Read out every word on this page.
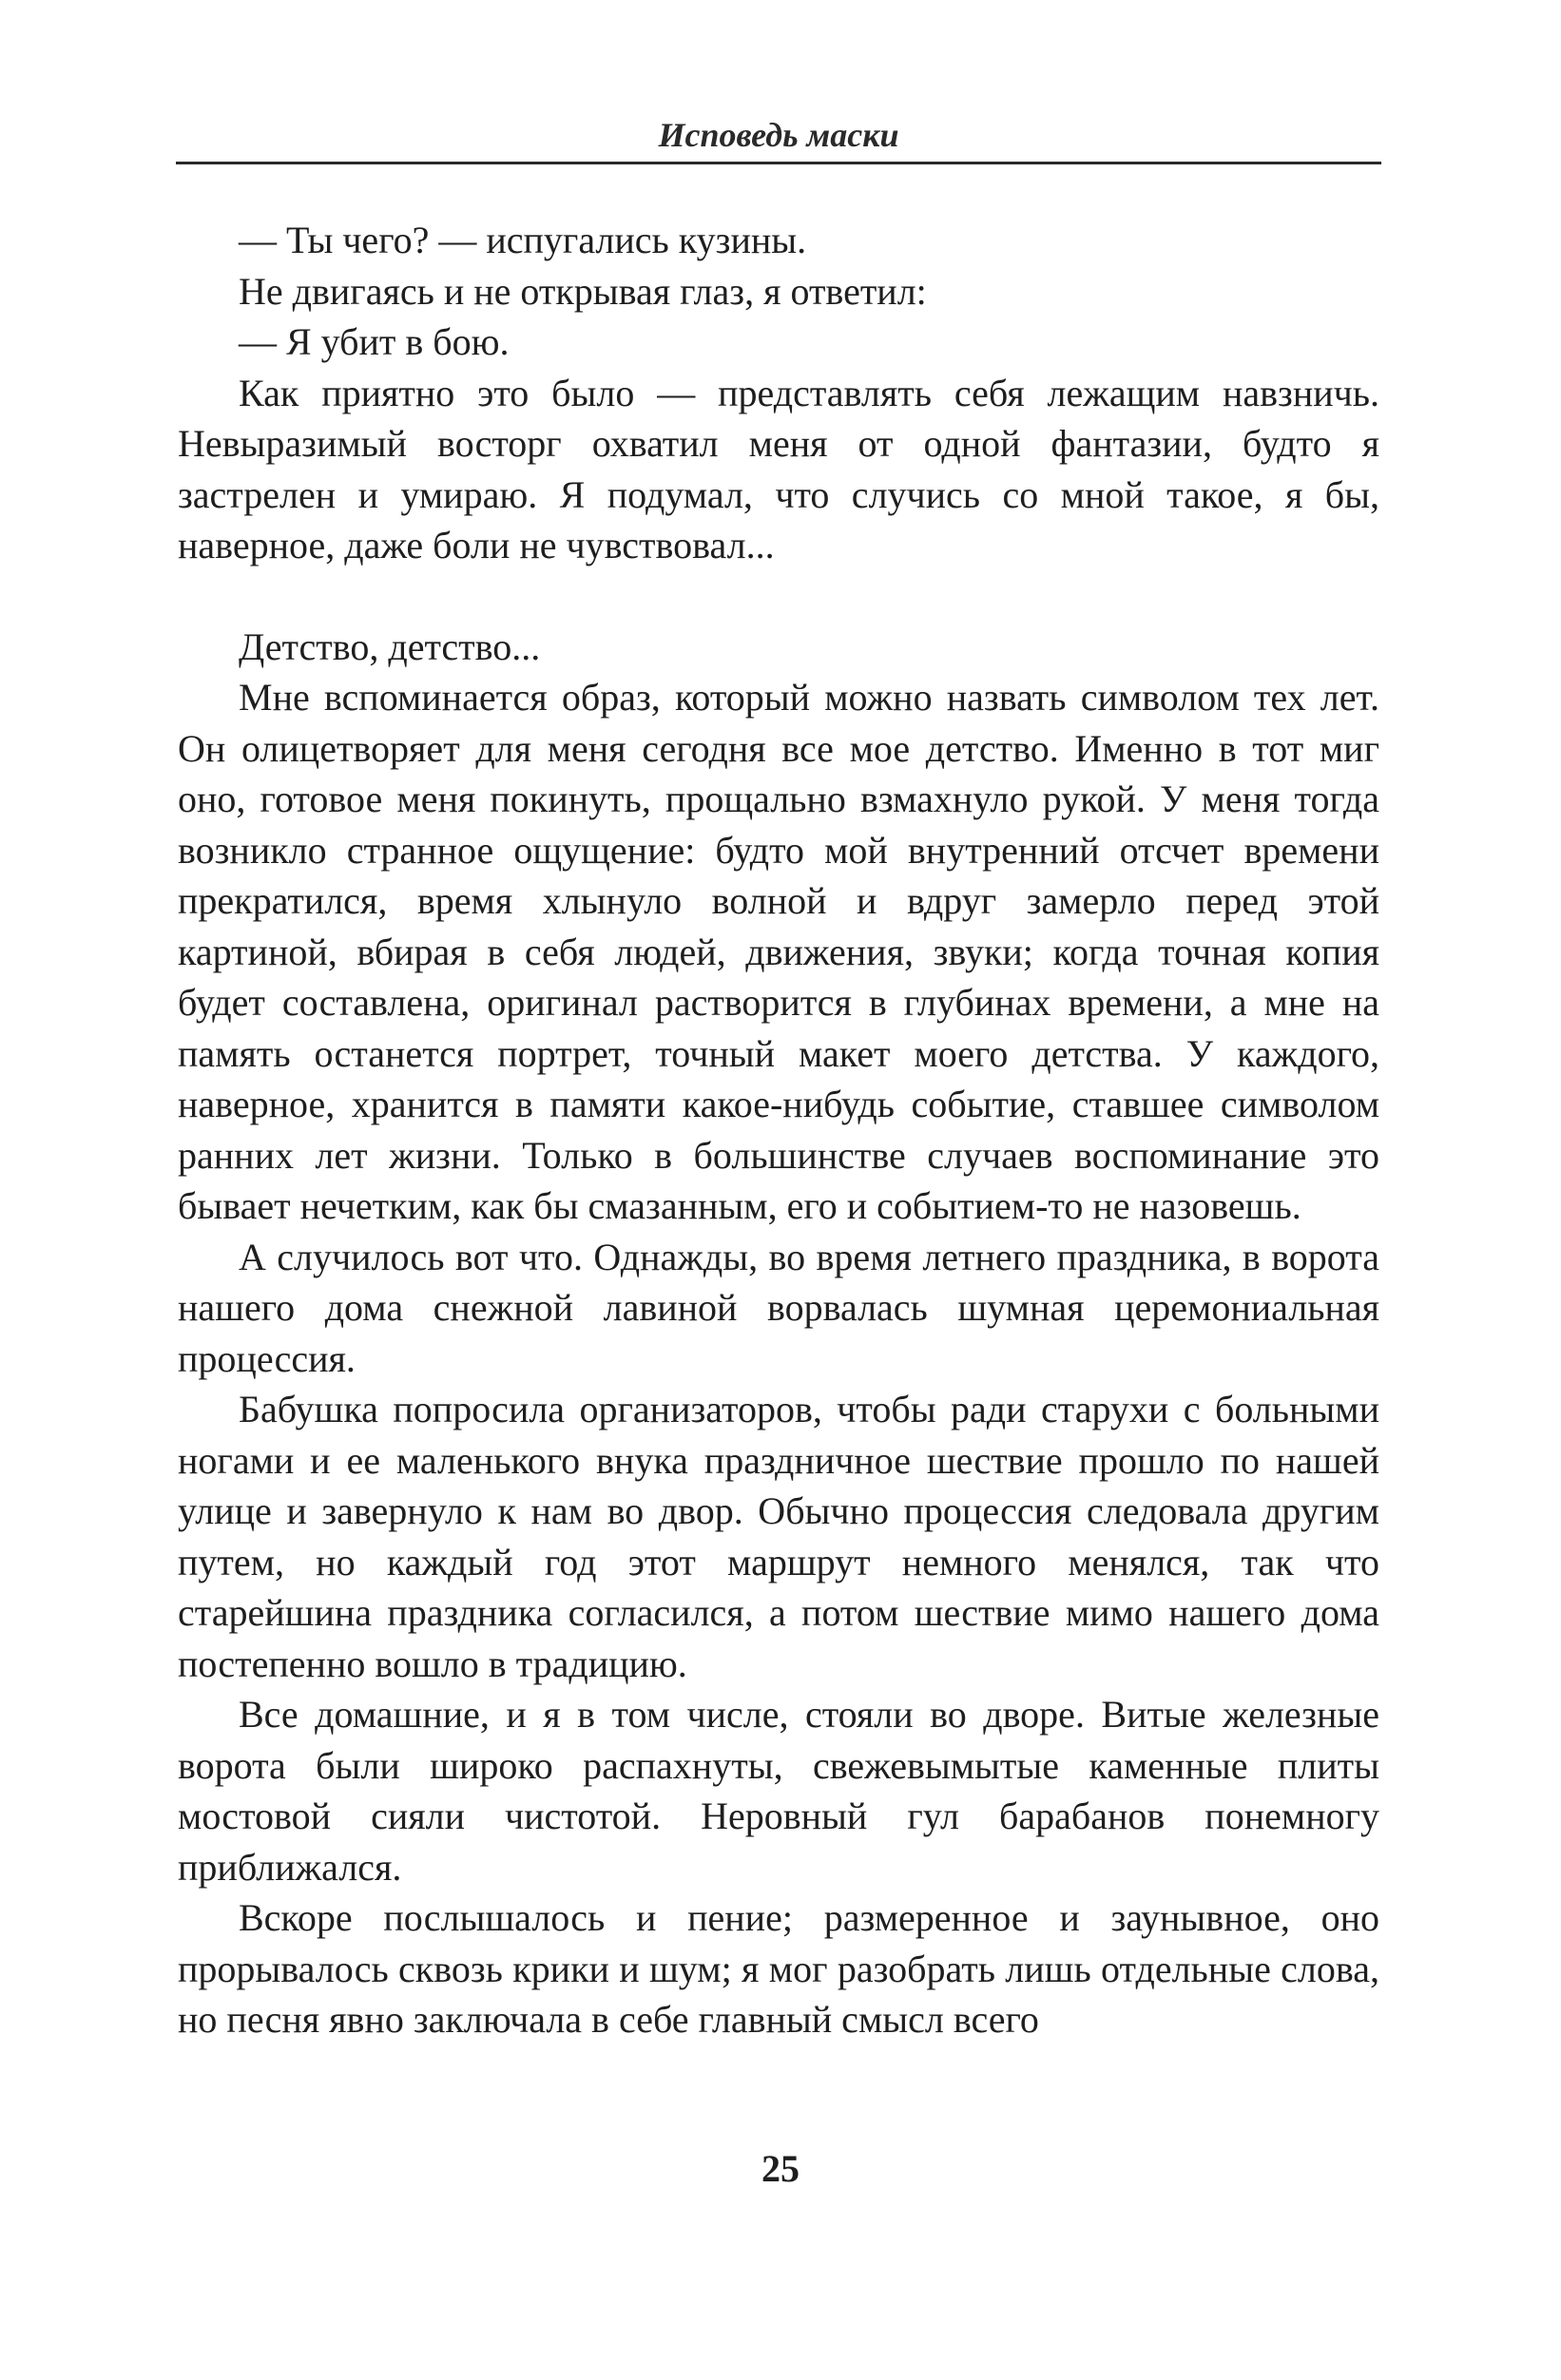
Исповедь маски

— Ты чего? — испугались кузины.

Не двигаясь и не открывая глаз, я ответил:

— Я убит в бою.

Как приятно это было — представлять себя лежащим навзничь. Невыразимый восторг охватил меня от одной фантазии, будто я застрелен и умираю. Я подумал, что случись со мной такое, я бы, наверное, даже боли не чувствовал...

Детство, детство...

Мне вспоминается образ, который можно назвать символом тех лет. Он олицетворяет для меня сегодня все мое детство. Именно в тот миг оно, готовое меня покинуть, прощально взмахнуло рукой. У меня тогда возникло странное ощущение: будто мой внутренний отсчет времени прекратился, время хлынуло волной и вдруг замерло перед этой картиной, вбирая в себя людей, движения, звуки; когда точная копия будет составлена, оригинал растворится в глубинах времени, а мне на память останется портрет, точный макет моего детства. У каждого, наверное, хранится в памяти какое-нибудь событие, ставшее символом ранних лет жизни. Только в большинстве случаев воспоминание это бывает нечетким, как бы смазанным, его и событием-то не назовешь.

А случилось вот что. Однажды, во время летнего праздника, в ворота нашего дома снежной лавиной ворвалась шумная церемониальная процессия.

Бабушка попросила организаторов, чтобы ради старухи с больными ногами и ее маленького внука праздничное шествие прошло по нашей улице и завернуло к нам во двор. Обычно процессия следовала другим путем, но каждый год этот маршрут немного менялся, так что старейшина праздника согласился, а потом шествие мимо нашего дома постепенно вошло в традицию.

Все домашние, и я в том числе, стояли во дворе. Витые железные ворота были широко распахнуты, свежевымытые каменные плиты мостовой сияли чистотой. Неровный гул барабанов понемногу приближался.

Вскоре послышалось и пение; размеренное и заунывное, оно прорывалось сквозь крики и шум; я мог разобрать лишь отдельные слова, но песня явно заключала в себе главный смысл всего

25
